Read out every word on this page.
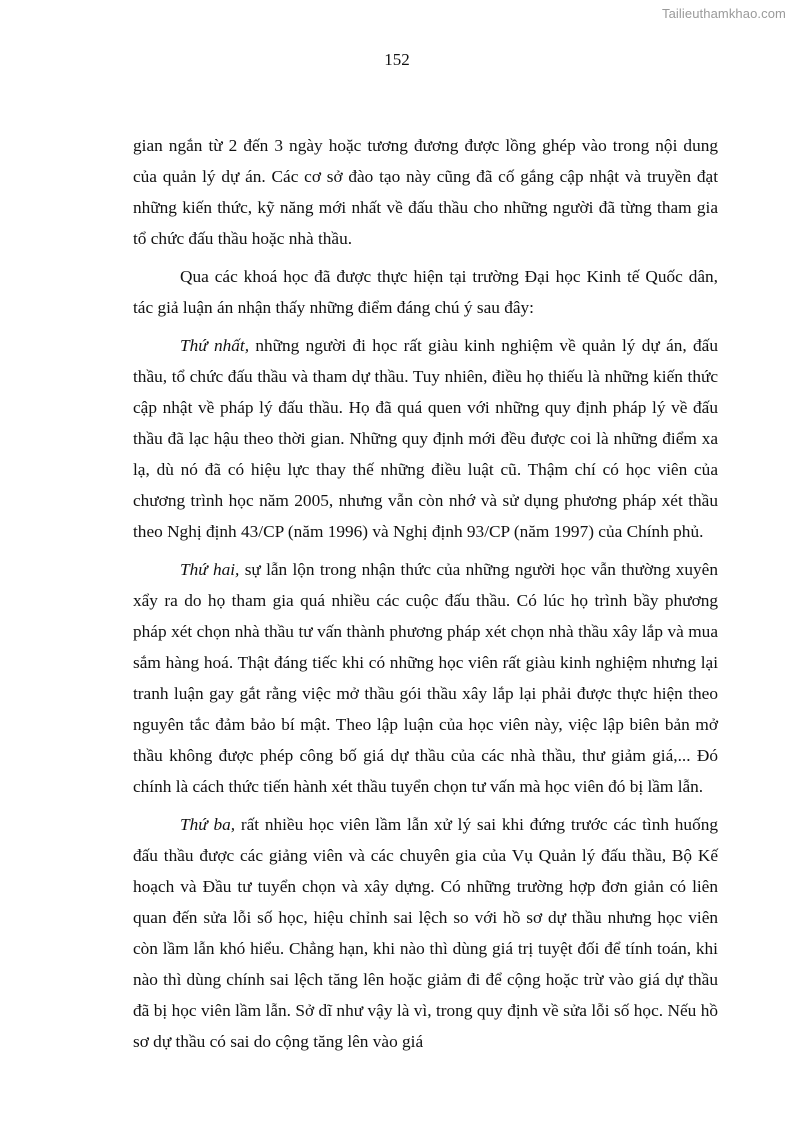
Tailieuthamkhao.com
152

gian ngắn từ 2 đến 3 ngày hoặc tương đương được lồng ghép vào trong nội dung của quản lý dự án. Các cơ sở đào tạo này cũng đã cố gắng cập nhật và truyền đạt những kiến thức, kỹ năng mới nhất về đấu thầu cho những người đã từng tham gia tổ chức đấu thầu hoặc nhà thầu.

Qua các khoá học đã được thực hiện tại trường Đại học Kinh tế Quốc dân, tác giả luận án nhận thấy những điểm đáng chú ý sau đây:

Thứ nhất, những người đi học rất giàu kinh nghiệm về quản lý dự án, đấu thầu, tổ chức đấu thầu và tham dự thầu. Tuy nhiên, điều họ thiếu là những kiến thức cập nhật về pháp lý đấu thầu. Họ đã quá quen với những quy định pháp lý về đấu thầu đã lạc hậu theo thời gian. Những quy định mới đều được coi là những điểm xa lạ, dù nó đã có hiệu lực thay thế những điều luật cũ. Thậm chí có học viên của chương trình học năm 2005, nhưng vẫn còn nhớ và sử dụng phương pháp xét thầu theo Nghị định 43/CP (năm 1996) và Nghị định 93/CP (năm 1997) của Chính phủ.

Thứ hai, sự lẫn lộn trong nhận thức của những người học vẫn thường xuyên xẩy ra do họ tham gia quá nhiều các cuộc đấu thầu. Có lúc họ trình bầy phương pháp xét chọn nhà thầu tư vấn thành phương pháp xét chọn nhà thầu xây lắp và mua sắm hàng hoá. Thật đáng tiếc khi có những học viên rất giàu kinh nghiệm nhưng lại tranh luận gay gắt rằng việc mở thầu gói thầu xây lắp lại phải được thực hiện theo nguyên tắc đảm bảo bí mật. Theo lập luận của học viên này, việc lập biên bản mở thầu không được phép công bố giá dự thầu của các nhà thầu, thư giảm giá,... Đó chính là cách thức tiến hành xét thầu tuyển chọn tư vấn mà học viên đó bị lầm lẫn.

Thứ ba, rất nhiều học viên lầm lẫn xử lý sai khi đứng trước các tình huống đấu thầu được các giảng viên và các chuyên gia của Vụ Quản lý đấu thầu, Bộ Kế hoạch và Đầu tư tuyển chọn và xây dựng. Có những trường hợp đơn giản có liên quan đến sửa lỗi số học, hiệu chỉnh sai lệch so với hồ sơ dự thầu nhưng học viên còn lầm lẫn khó hiểu. Chẳng hạn, khi nào thì dùng giá trị tuyệt đối để tính toán, khi nào thì dùng chính sai lệch tăng lên hoặc giảm đi để cộng hoặc trừ vào giá dự thầu đã bị học viên lầm lẫn. Sở dĩ như vậy là vì, trong quy định về sửa lỗi số học. Nếu hồ sơ dự thầu có sai do cộng tăng lên vào giá
